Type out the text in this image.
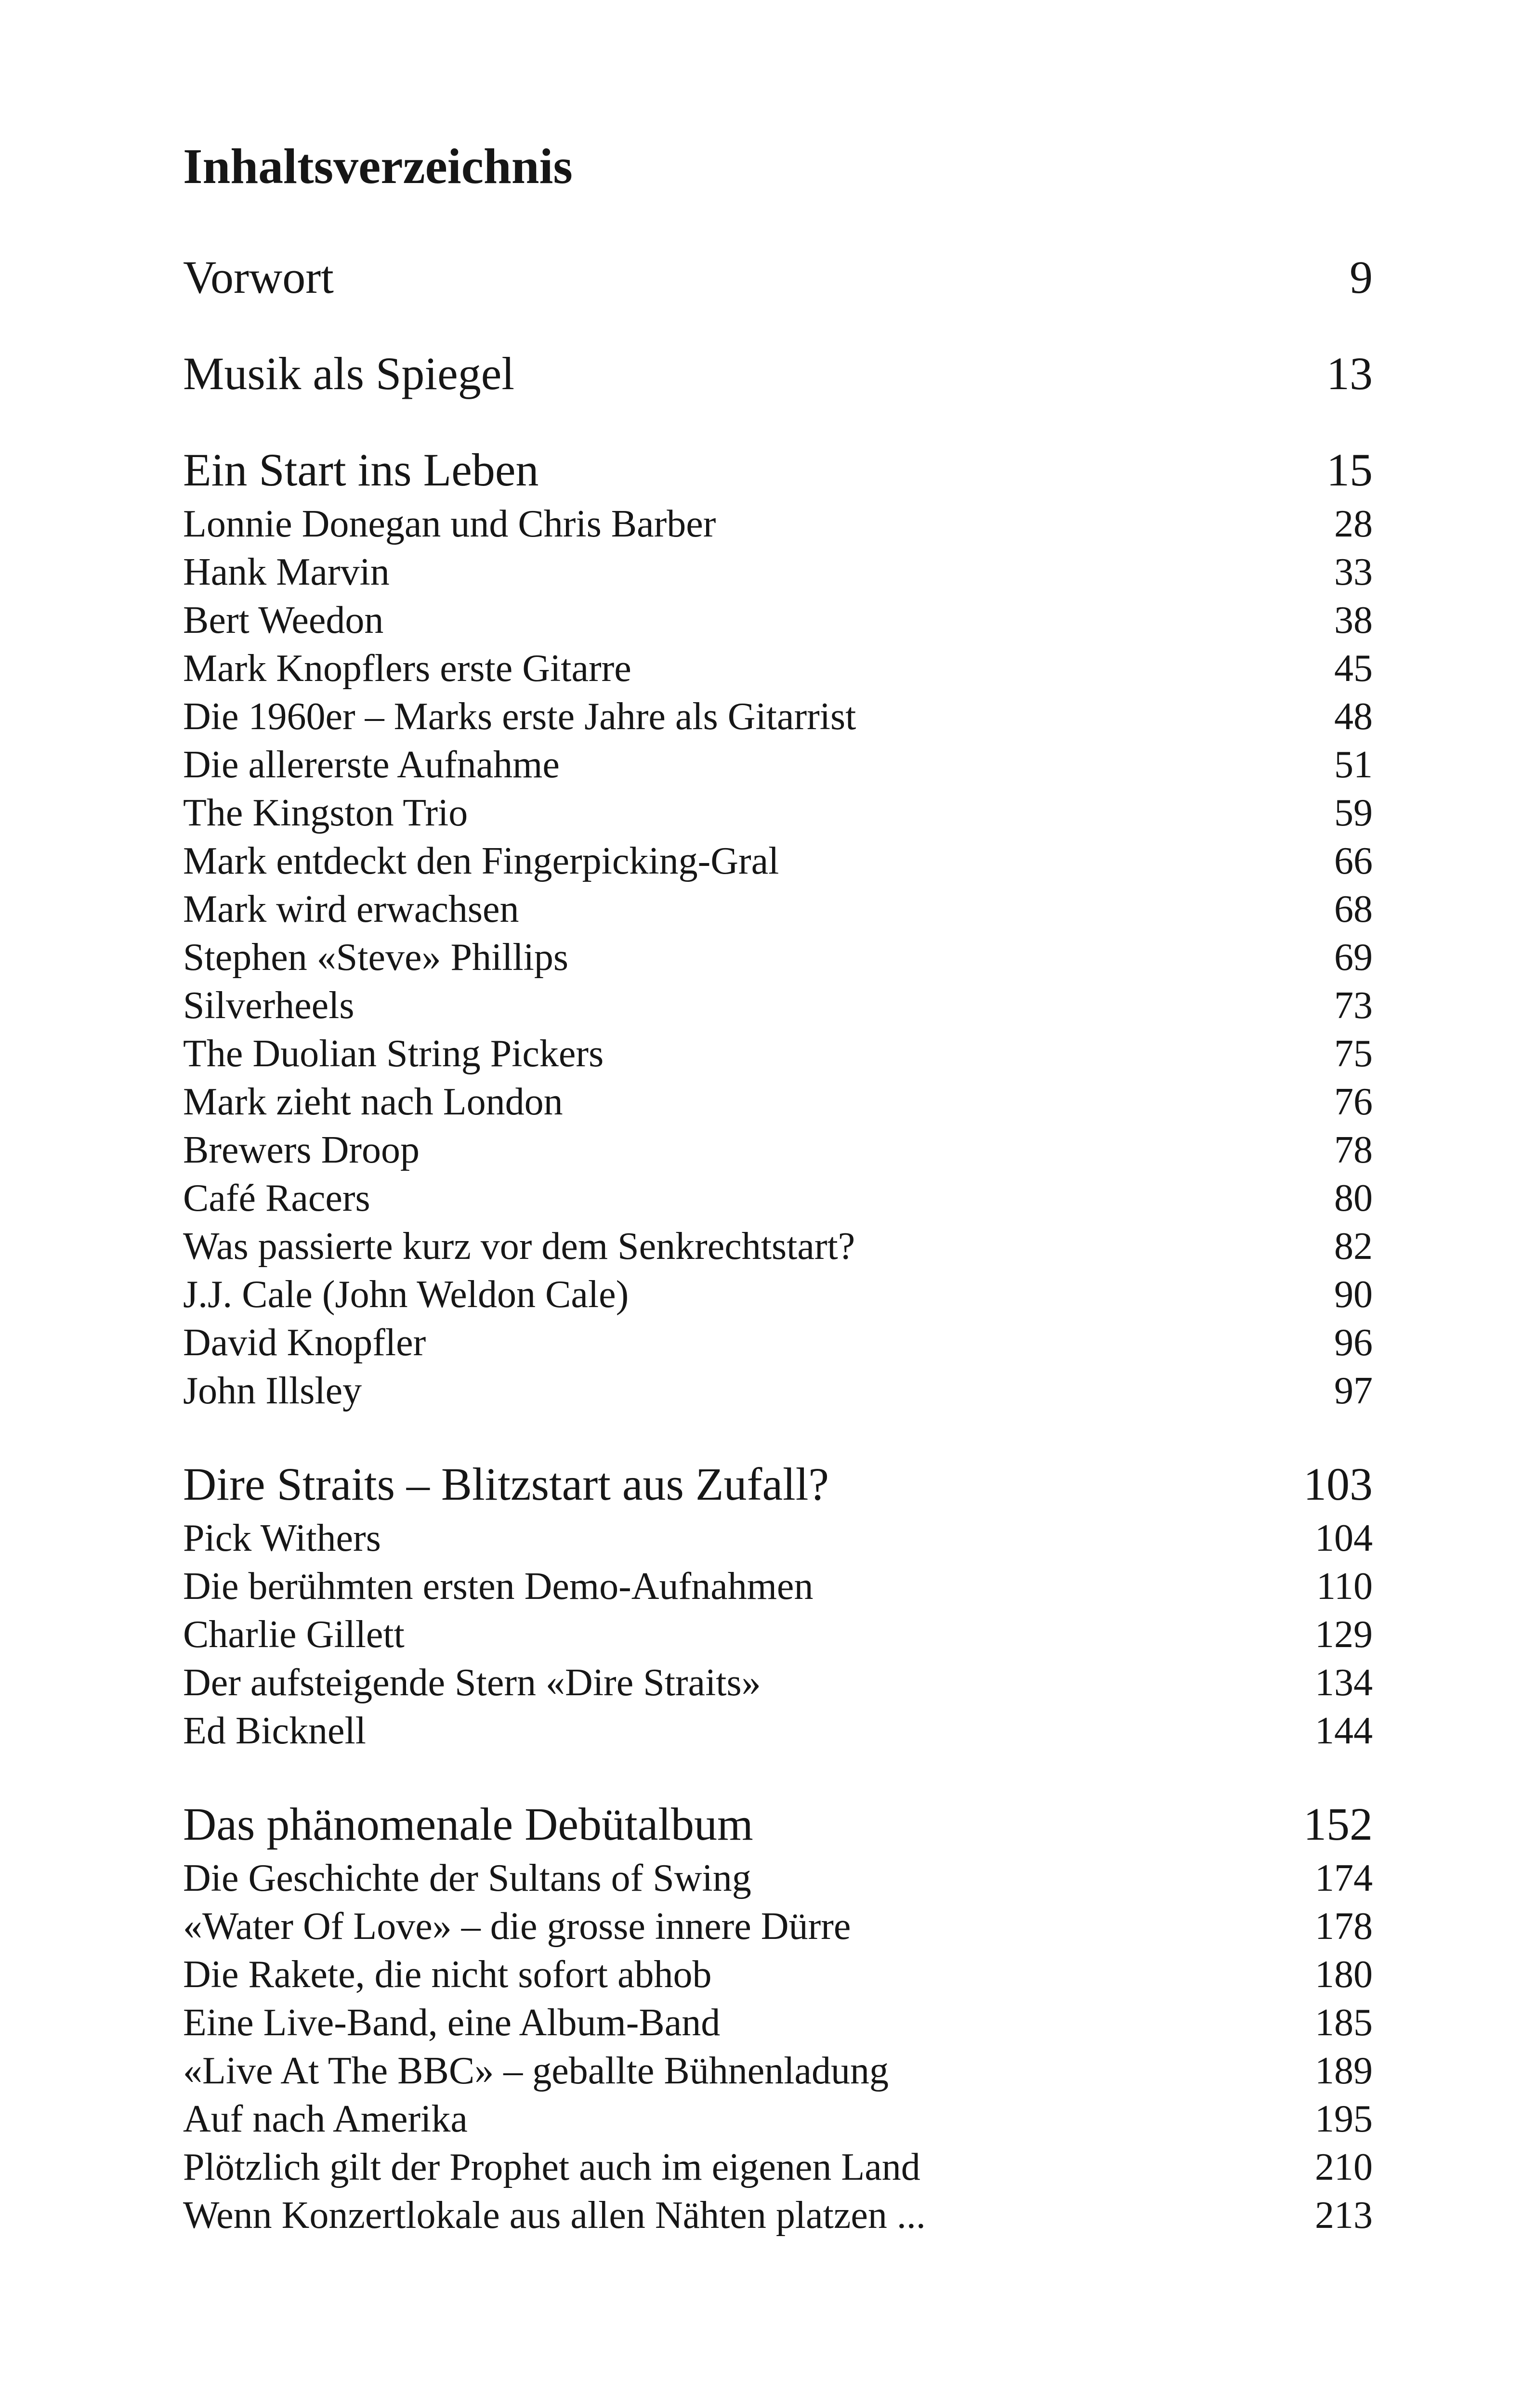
Inhaltsverzeichnis
Vorwort	9
Musik als Spiegel	13
Ein Start ins Leben	15
Lonnie Donegan und Chris Barber	28
Hank Marvin	33
Bert Weedon	38
Mark Knopflers erste Gitarre	45
Die 1960er – Marks erste Jahre als Gitarrist	48
Die allererste Aufnahme	51
The Kingston Trio	59
Mark entdeckt den Fingerpicking-Gral	66
Mark wird erwachsen	68
Stephen «Steve» Phillips	69
Silverheels	73
The Duolian String Pickers	75
Mark zieht nach London	76
Brewers Droop	78
Café Racers	80
Was passierte kurz vor dem Senkrechtstart?	82
J.J. Cale (John Weldon Cale)	90
David Knopfler	96
John Illsley	97
Dire Straits – Blitzstart aus Zufall?	103
Pick Withers	104
Die berühmten ersten Demo-Aufnahmen	110
Charlie Gillett	129
Der aufsteigende Stern «Dire Straits»	134
Ed Bicknell	144
Das phänomenale Debütalbum	152
Die Geschichte der Sultans of Swing	174
«Water Of Love» – die grosse innere Dürre	178
Die Rakete, die nicht sofort abhob	180
Eine Live-Band, eine Album-Band	185
«Live At The BBC» – geballte Bühnenladung	189
Auf nach Amerika	195
Plötzlich gilt der Prophet auch im eigenen Land	210
Wenn Konzertlokale aus allen Nähten platzen ...	213
